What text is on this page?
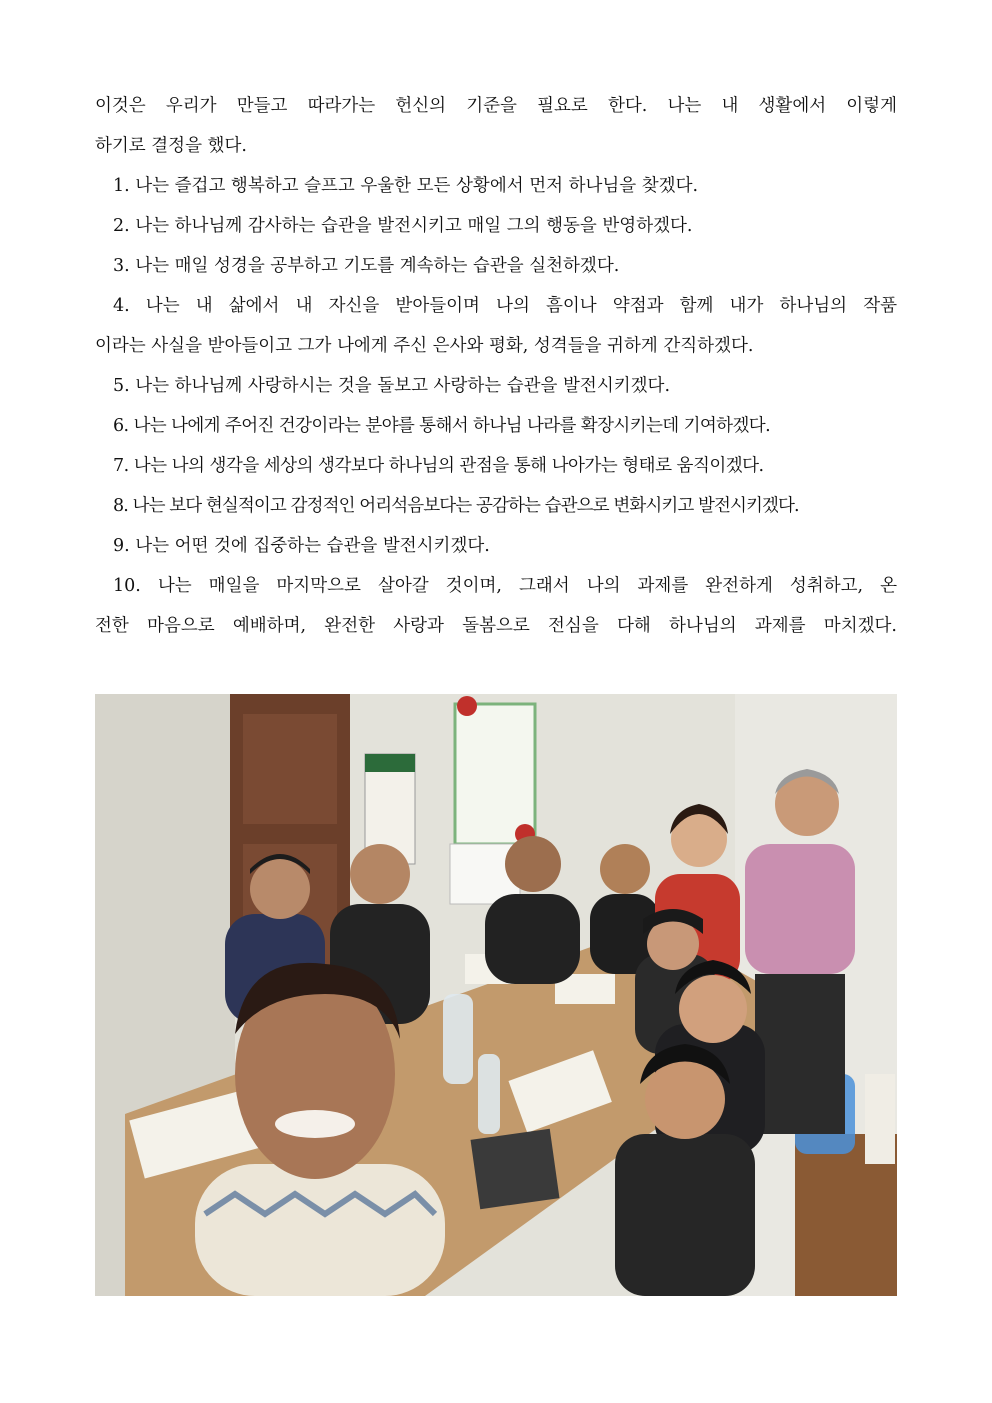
이것은 우리가 만들고 따라가는 헌신의 기준을 필요로 한다. 나는 내 생활에서 이렇게
하기로 결정을 했다.
1. 나는 즐겁고 행복하고 슬프고 우울한 모든 상황에서 먼저 하나님을 찾겠다.
2. 나는 하나님께 감사하는 습관을 발전시키고 매일 그의 행동을 반영하겠다.
3. 나는 매일 성경을 공부하고 기도를 계속하는 습관을 실천하겠다.
4. 나는 내 삶에서 내 자신을 받아들이며 나의 흠이나 약점과 함께 내가 하나님의 작품
이라는 사실을 받아들이고 그가 나에게 주신 은사와 평화, 성격들을 귀하게 간직하겠다.
5. 나는 하나님께 사랑하시는 것을 돌보고 사랑하는 습관을 발전시키겠다.
6. 나는 나에게 주어진 건강이라는 분야를 통해서 하나님 나라를 확장시키는데 기여하겠다.
7. 나는 나의 생각을 세상의 생각보다 하나님의 관점을 통해 나아가는 형태로 움직이겠다.
8. 나는 보다 현실적이고 감정적인 어리석음보다는 공감하는 습관으로 변화시키고 발전시키겠다.
9. 나는 어떤 것에 집중하는 습관을 발전시키겠다.
10. 나는 매일을 마지막으로 살아갈 것이며, 그래서 나의 과제를 완전하게 성취하고, 온
전한 마음으로 예배하며, 완전한 사랑과 돌봄으로 전심을 다해 하나님의 과제를 마치겠다.
